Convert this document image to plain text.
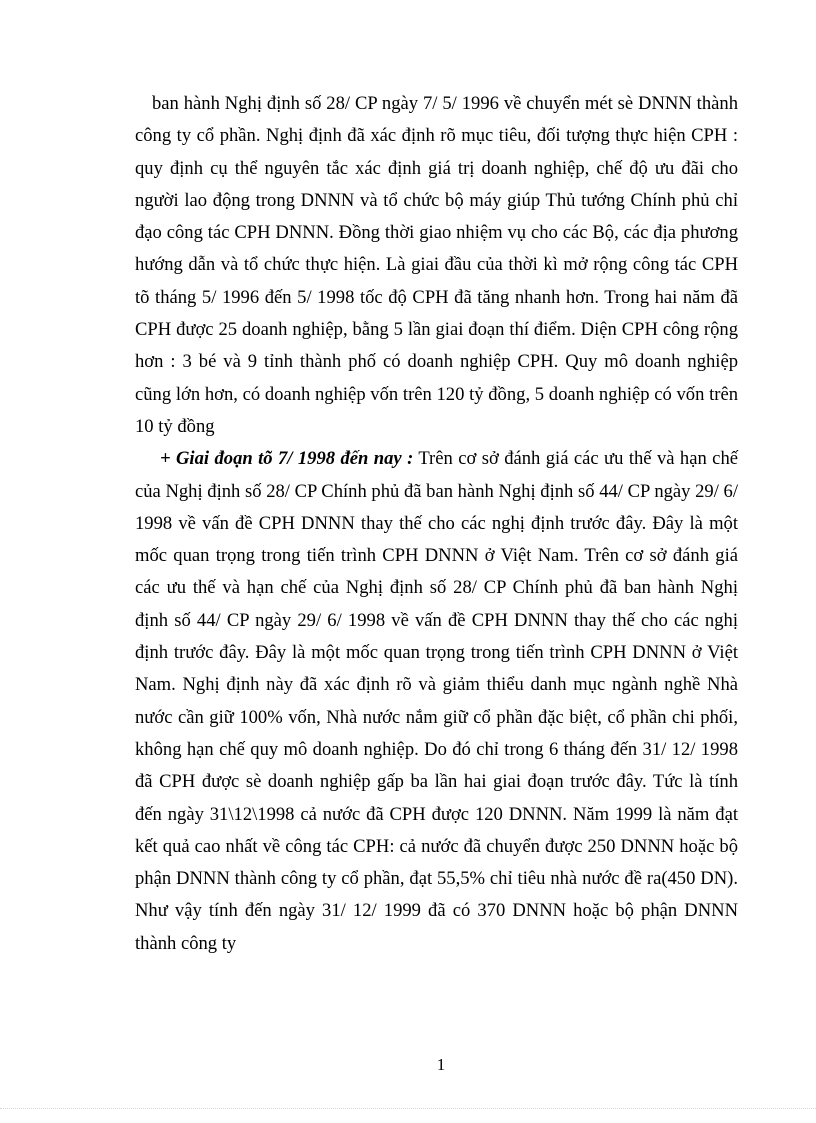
ban hành Nghị định số 28/ CP ngày 7/ 5/ 1996 về chuyển mét sè DNNN thành công ty cổ phần. Nghị định đã xác định rõ mục tiêu, đối tượng thực hiện CPH : quy định cụ thể nguyên tắc xác định giá trị doanh nghiệp, chế độ ưu đãi cho người lao động trong DNNN và tổ chức bộ máy giúp Thủ tướng Chính phủ chỉ đạo công tác CPH DNNN. Đồng thời giao nhiệm vụ cho các Bộ, các địa phương hướng dẫn và tổ chức thực hiện. Là giai đầu của thời kì mở rộng công tác CPH tõ tháng 5/ 1996 đến 5/ 1998 tốc độ CPH đã tăng nhanh hơn. Trong hai năm đã CPH được 25 doanh nghiệp, bằng 5 lần giai đoạn thí điểm. Diện CPH công rộng hơn : 3 bé và 9 tỉnh thành phố có doanh nghiệp CPH. Quy mô doanh nghiệp cũng lớn hơn, có doanh nghiệp vốn trên 120 tỷ đồng, 5 doanh nghiệp có vốn trên 10 tỷ đồng

+ Giai đoạn tõ 7/ 1998 đến nay : Trên cơ sở đánh giá các ưu thế và hạn chế của Nghị định số 28/ CP Chính phủ đã ban hành Nghị định số 44/ CP ngày 29/ 6/ 1998 về vấn đề CPH DNNN thay thế cho các nghị định trước đây. Đây là một mốc quan trọng trong tiến trình CPH DNNN ở Việt Nam. Trên cơ sở đánh giá các ưu thế và hạn chế của Nghị định số 28/ CP Chính phủ đã ban hành Nghị định số 44/ CP ngày 29/ 6/ 1998 về vấn đề CPH DNNN thay thế cho các nghị định trước đây. Đây là một mốc quan trọng trong tiến trình CPH DNNN ở Việt Nam. Nghị định này đã xác định rõ và giảm thiểu danh mục ngành nghề Nhà nước cần giữ 100% vốn, Nhà nước nắm giữ cổ phần đặc biệt, cổ phần chi phối, không hạn chế quy mô doanh nghiệp. Do đó chỉ trong 6 tháng đến 31/ 12/ 1998 đã CPH được sè doanh nghiệp gấp ba lần hai giai đoạn trước đây. Tức là tính đến ngày 31\12\1998 cả nước đã CPH được 120 DNNN. Năm 1999 là năm đạt kết quả cao nhất về công tác CPH: cả nước đã chuyển được 250 DNNN hoặc bộ phận DNNN thành công ty cổ phần, đạt 55,5% chỉ tiêu nhà nước đề ra(450 DN). Như vậy tính đến ngày 31/ 12/ 1999 đã có 370 DNNN hoặc bộ phận DNNN thành công ty

1
